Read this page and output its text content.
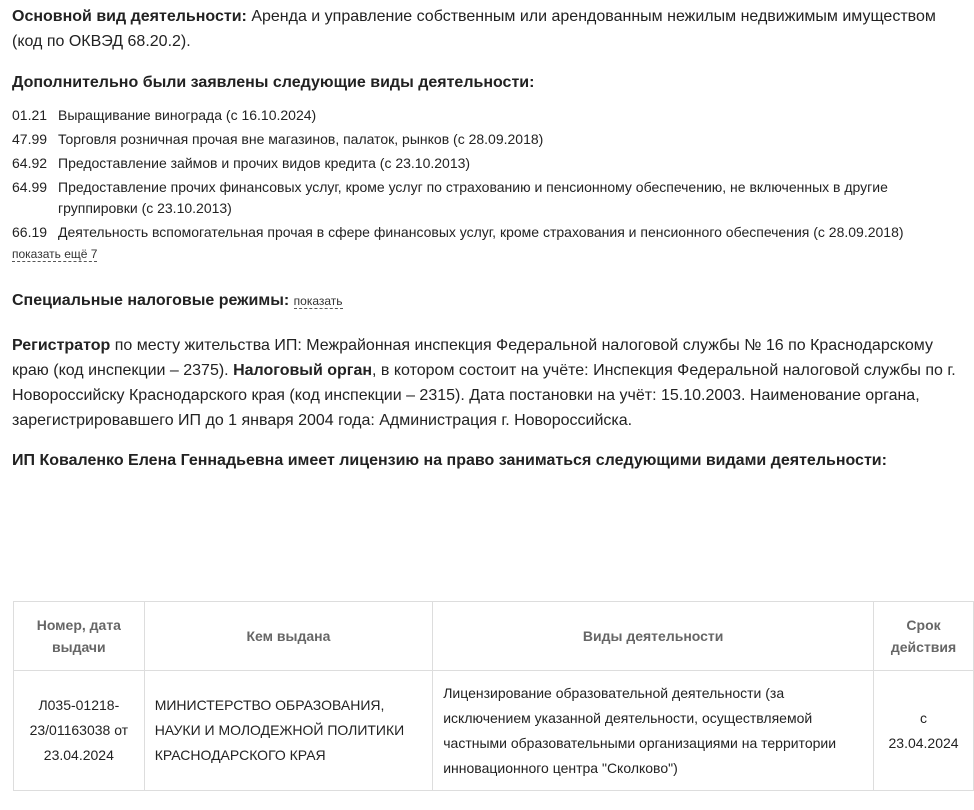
Основной вид деятельности: Аренда и управление собственным или арендованным нежилым недвижимым имуществом (код по ОКВЭД 68.20.2).

Дополнительно были заявлены следующие виды деятельности:

01.21 Выращивание винограда (с 16.10.2024)
47.99 Торговля розничная прочая вне магазинов, палаток, рынков (с 28.09.2018)
64.92 Предоставление займов и прочих видов кредита (с 23.10.2013)
64.99 Предоставление прочих финансовых услуг, кроме услуг по страхованию и пенсионному обеспечению, не включенных в другие группировки (с 23.10.2013)
66.19 Деятельность вспомогательная прочая в сфере финансовых услуг, кроме страхования и пенсионного обеспечения (с 28.09.2018)
показать ещё 7

Специальные налоговые режимы: показать

Регистратор по месту жительства ИП: Межрайонная инспекция Федеральной налоговой службы № 16 по Краснодарскому краю (код инспекции – 2375). Налоговый орган, в котором состоит на учёте: Инспекция Федеральной налоговой службы по г. Новороссийску Краснодарского края (код инспекции – 2315). Дата постановки на учёт: 15.10.2003. Наименование органа, зарегистрировавшего ИП до 1 января 2004 года: Администрация г. Новороссийска.

ИП Коваленко Елена Геннадьевна имеет лицензию на право заниматься следующими видами деятельности:

Номер, дата выдачи	Кем выдана	Виды деятельности	Срок действия
Л035-01218-23/01163038 от 23.04.2024	МИНИСТЕРСТВО ОБРАЗОВАНИЯ, НАУКИ И МОЛОДЕЖНОЙ ПОЛИТИКИ КРАСНОДАРСКОГО КРАЯ	Лицензирование образовательной деятельности (за исключением указанной деятельности, осуществляемой частными образовательными организациями на территории инновационного центра "Сколково")	с 23.04.2024
